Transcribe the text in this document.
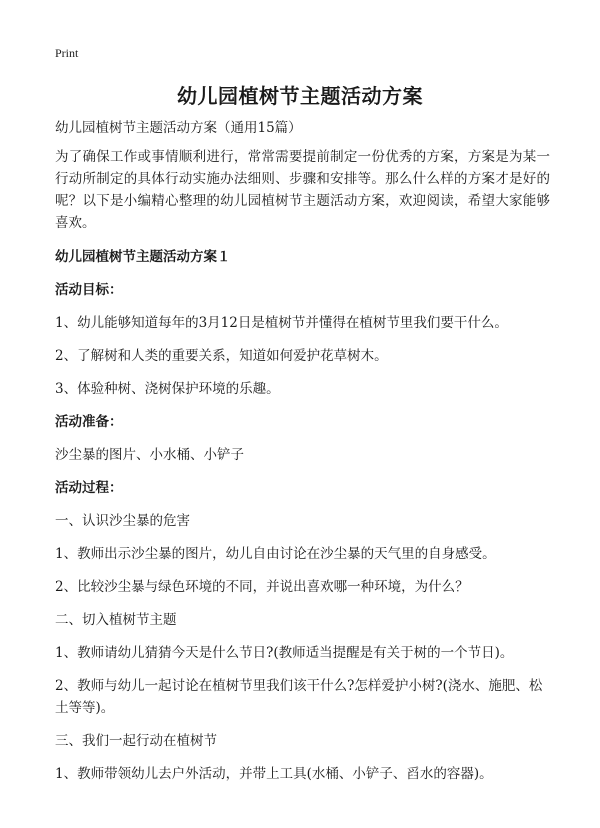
Print
幼儿园植树节主题活动方案

幼儿园植树节主题活动方案（通用15篇）

为了确保工作或事情顺利进行，常常需要提前制定一份优秀的方案，方案是为某一行动所制定的具体行动实施办法细则、步骤和安排等。那么什么样的方案才是好的呢？以下是小编精心整理的幼儿园植树节主题活动方案，欢迎阅读，希望大家能够喜欢。

幼儿园植树节主题活动方案１

活动目标：

1、幼儿能够知道每年的3月12日是植树节并懂得在植树节里我们要干什么。

2、了解树和人类的重要关系，知道如何爱护花草树木。

3、体验种树、浇树保护环境的乐趣。

活动准备：

沙尘暴的图片、小水桶、小铲子

活动过程：

一、认识沙尘暴的危害

1、教师出示沙尘暴的图片，幼儿自由讨论在沙尘暴的天气里的自身感受。

2、比较沙尘暴与绿色环境的不同，并说出喜欢哪一种环境，为什么？

二、切入植树节主题

1、教师请幼儿猜猜今天是什么节日?(教师适当提醒是有关于树的一个节日)。

2、教师与幼儿一起讨论在植树节里我们该干什么?怎样爱护小树?(浇水、施肥、松土等等)。

三、我们一起行动在植树节

1、教师带领幼儿去户外活动，并带上工具(水桶、小铲子、舀水的容器)。
